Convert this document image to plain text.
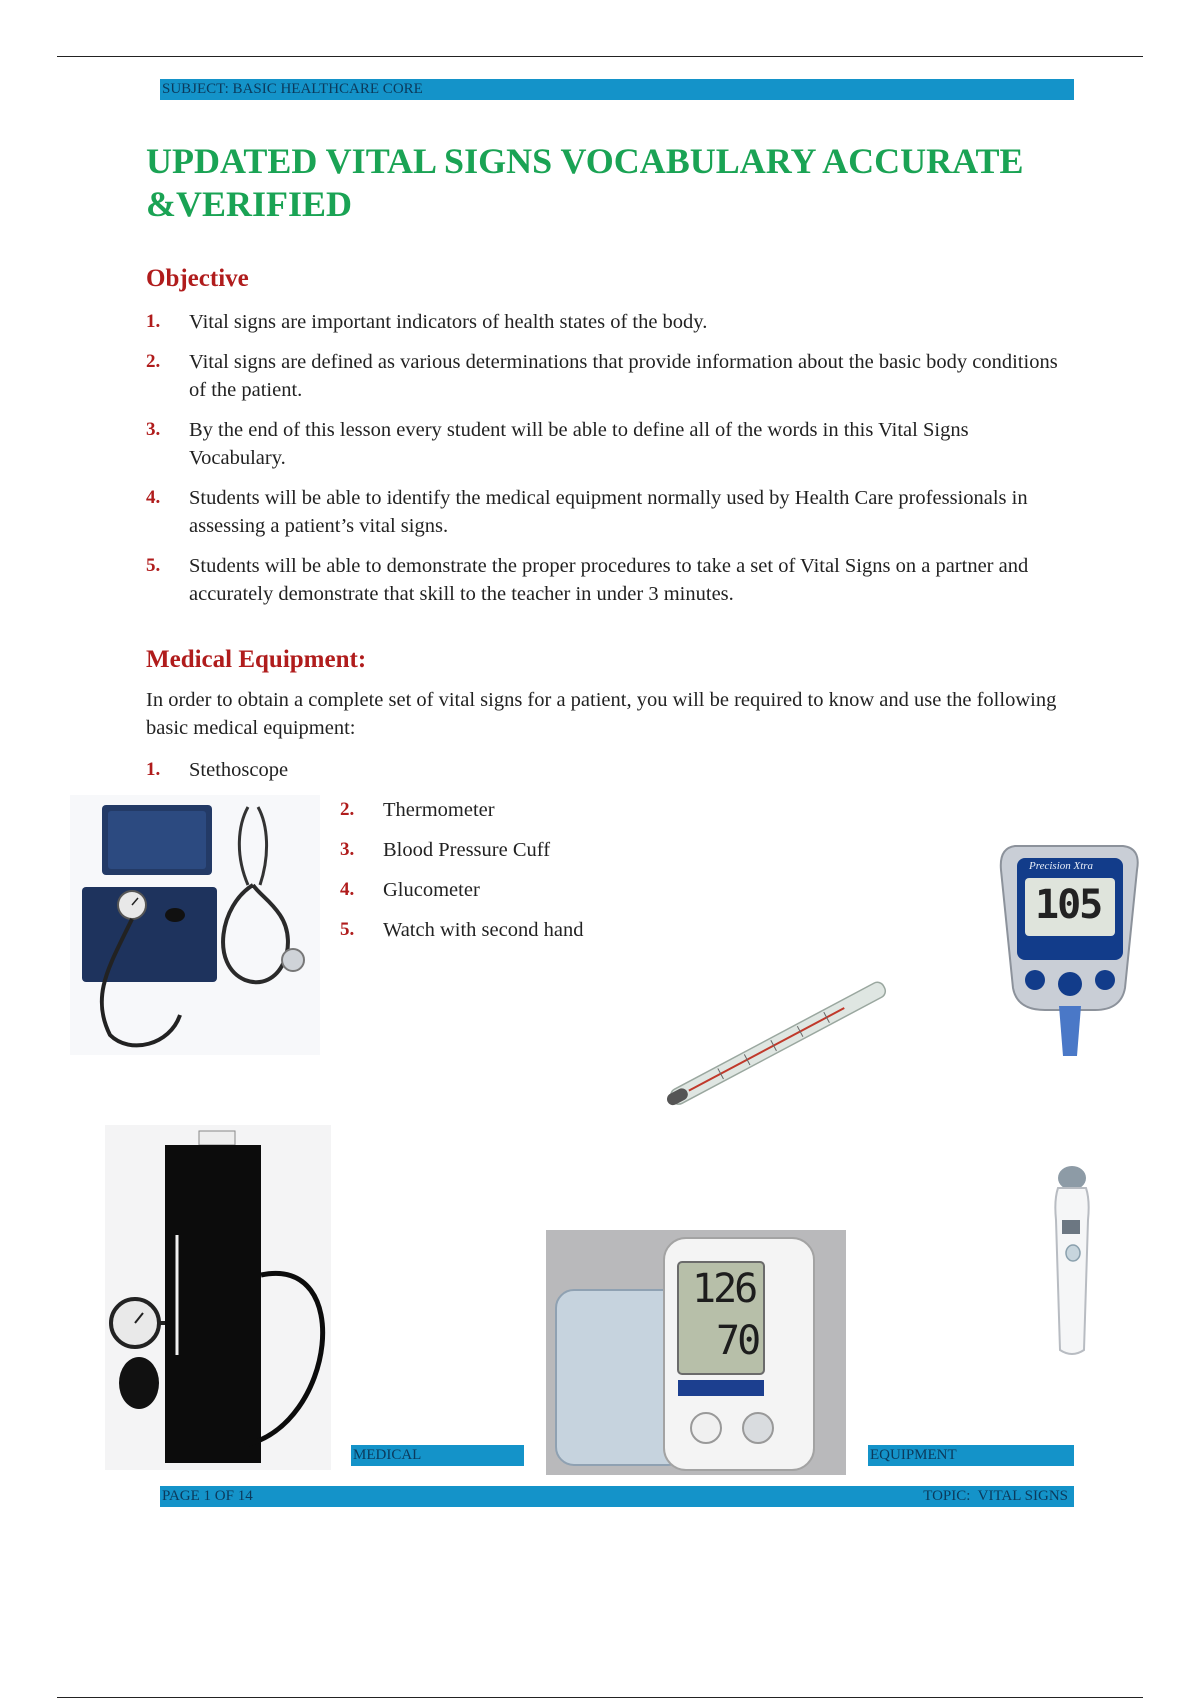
SUBJECT: BASIC HEALTHCARE CORE
UPDATED VITAL SIGNS VOCABULARY ACCURATE &VERIFIED
Objective
1. Vital signs are important indicators of health states of the body.
2. Vital signs are defined as various determinations that provide information about the basic body conditions of the patient.
3. By the end of this lesson every student will be able to define all of the words in this Vital Signs Vocabulary.
4. Students will be able to identify the medical equipment normally used by Health Care professionals in assessing a patient’s vital signs.
5. Students will be able to demonstrate the proper procedures to take a set of Vital Signs on a partner and accurately demonstrate that skill to the teacher in under 3 minutes.
Medical Equipment:

In order to obtain a complete set of vital signs for a patient, you will be required to know and use the following basic medical equipment:

1. Stethoscope
2. Thermometer
3. Blood Pressure Cuff
4. Glucometer
5. Watch with second hand
Precision Xtra
105
126
70
MEDICAL	EQUIPMENT
PAGE 1 OF 14	TOPIC:  VITAL SIGNS
